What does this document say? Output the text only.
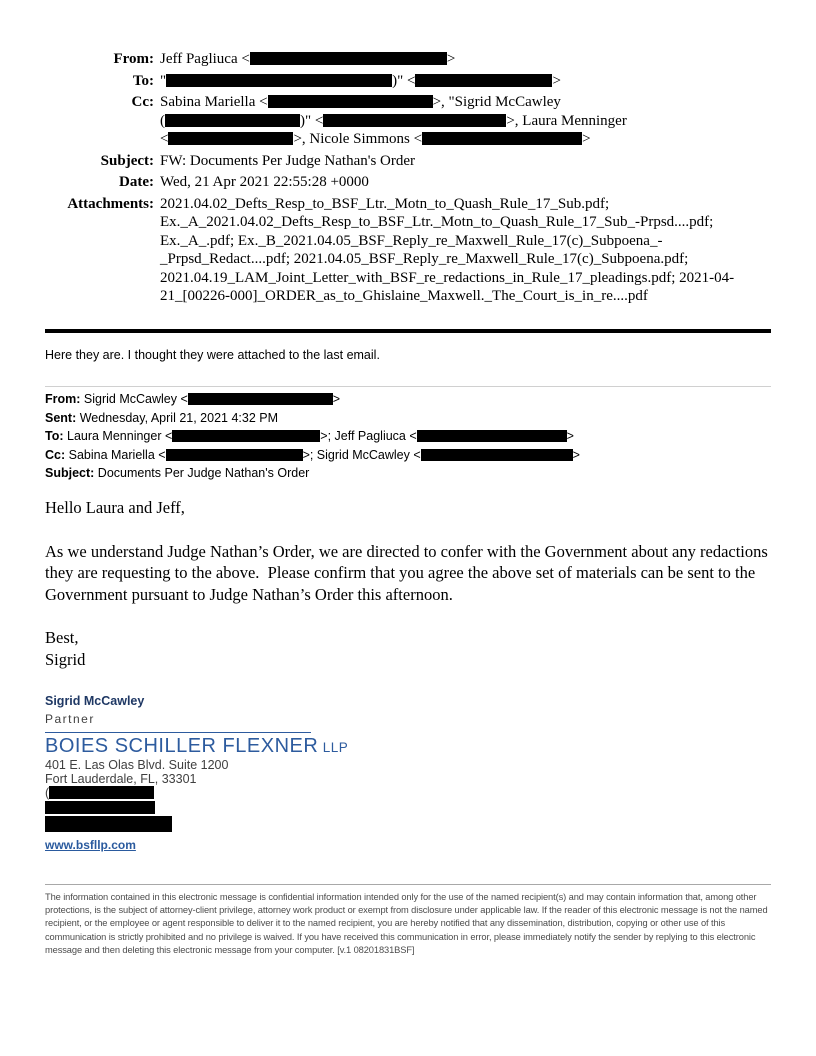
From: Jeff Pagliuca <	>
To: "	)" <	>
Cc: Sabina Mariella <	>, "Sigrid McCawley
(	)" <	>, Laura Menninger
<	>, Nicole Simmons <	>
Subject: FW: Documents Per Judge Nathan's Order
Date: Wed, 21 Apr 2021 22:55:28 +0000
Attachments: 2021.04.02_Defts_Resp_to_BSF_Ltr._Motn_to_Quash_Rule_17_Sub.pdf; Ex._A_2021.04.02_Defts_Resp_to_BSF_Ltr._Motn_to_Quash_Rule_17_Sub_-Prpsd....pdf; Ex._A_.pdf; Ex._B_2021.04.05_BSF_Reply_re_Maxwell_Rule_17(c)_Subpoena_-_Prpsd_Redact....pdf; 2021.04.05_BSF_Reply_re_Maxwell_Rule_17(c)_Subpoena.pdf; 2021.04.19_LAM_Joint_Letter_with_BSF_re_redactions_in_Rule_17_pleadings.pdf; 2021-04-21_[00226-000]_ORDER_as_to_Ghislaine_Maxwell._The_Court_is_in_re....pdf
Here they are. I thought they were attached to the last email.
From: Sigrid McCawley <	>
Sent: Wednesday, April 21, 2021 4:32 PM
To: Laura Menninger <	>; Jeff Pagliuca <	>
Cc: Sabina Mariella <	>; Sigrid McCawley <	>
Subject: Documents Per Judge Nathan's Order

Hello Laura and Jeff,

As we understand Judge Nathan’s Order, we are directed to confer with the Government about any redactions they are requesting to the above.  Please confirm that you agree the above set of materials can be sent to the Government pursuant to Judge Nathan’s Order this afternoon.

Best,
Sigrid

Sigrid McCawley
Partner
BOIES SCHILLER FLEXNER LLP
401 E. Las Olas Blvd. Suite 1200
Fort Lauderdale, FL, 33301
(
www.bsfllp.com
The information contained in this electronic message is confidential information intended only for the use of the named recipient(s) and may contain information that, among other protections, is the subject of attorney-client privilege, attorney work product or exempt from disclosure under applicable law. If the reader of this electronic message is not the named recipient, or the employee or agent responsible to deliver it to the named recipient, you are hereby notified that any dissemination, distribution, copying or other use of this communication is strictly prohibited and no privilege is waived. If you have received this communication in error, please immediately notify the sender by replying to this electronic message and then deleting this electronic message from your computer. [v.1 08201831BSF]
